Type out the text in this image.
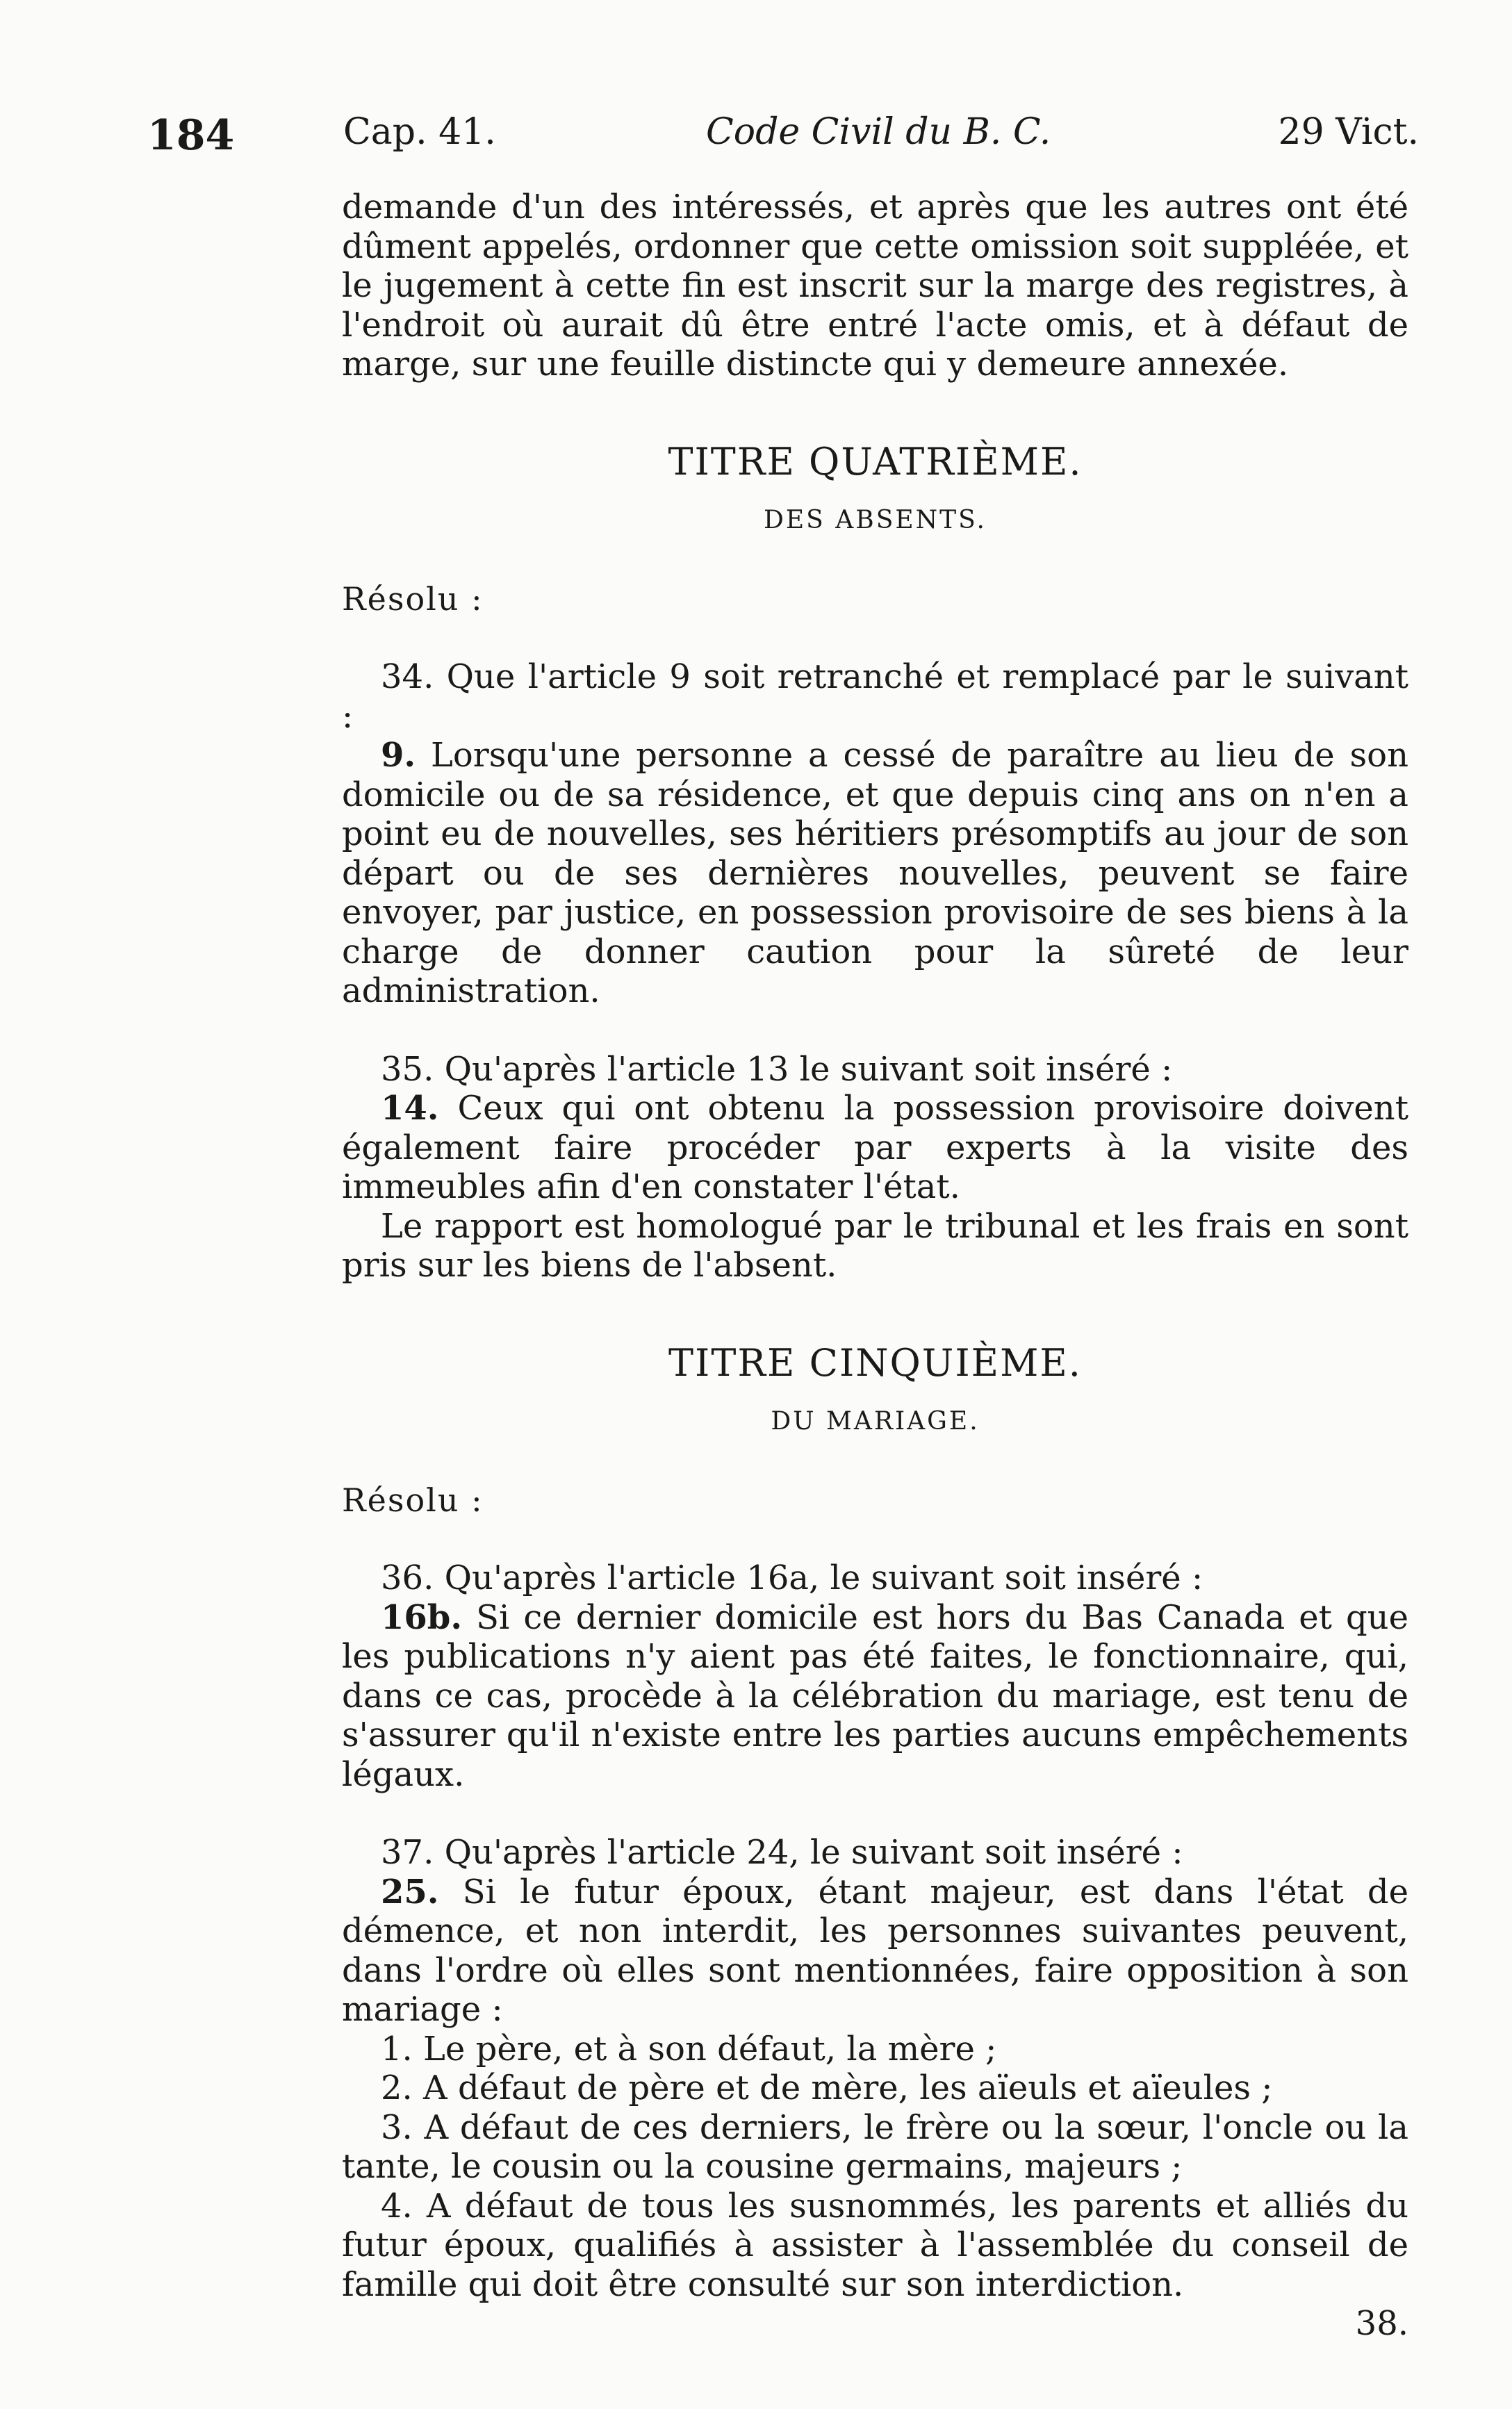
184	Cap. 41.	Code Civil du B. C.	29 Vict.

demande d'un des intéressés, et après que les autres ont été dûment appelés, ordonner que cette omission soit suppléée, et le jugement à cette fin est inscrit sur la marge des registres, à l'endroit où aurait dû être entré l'acte omis, et à défaut de marge, sur une feuille distincte qui y demeure annexée.

TITRE QUATRIÈME.

DES ABSENTS.

Résolu :

34. Que l'article 9 soit retranché et remplacé par le suivant :

9. Lorsqu'une personne a cessé de paraître au lieu de son domicile ou de sa résidence, et que depuis cinq ans on n'en a point eu de nouvelles, ses héritiers présomptifs au jour de son départ ou de ses dernières nouvelles, peuvent se faire envoyer, par justice, en possession provisoire de ses biens à la charge de donner caution pour la sûreté de leur administration.

35. Qu'après l'article 13 le suivant soit inséré :

14. Ceux qui ont obtenu la possession provisoire doivent également faire procéder par experts à la visite des immeubles afin d'en constater l'état.

Le rapport est homologué par le tribunal et les frais en sont pris sur les biens de l'absent.

TITRE CINQUIÈME.

DU MARIAGE.

Résolu :

36. Qu'après l'article 16a, le suivant soit inséré :

16b. Si ce dernier domicile est hors du Bas Canada et que les publications n'y aient pas été faites, le fonctionnaire, qui, dans ce cas, procède à la célébration du mariage, est tenu de s'assurer qu'il n'existe entre les parties aucuns empêchements légaux.

37. Qu'après l'article 24, le suivant soit inséré :

25. Si le futur époux, étant majeur, est dans l'état de démence, et non interdit, les personnes suivantes peuvent, dans l'ordre où elles sont mentionnées, faire opposition à son mariage :

1. Le père, et à son défaut, la mère ;

2. A défaut de père et de mère, les aïeuls et aïeules ;

3. A défaut de ces derniers, le frère ou la sœur, l'oncle ou la tante, le cousin ou la cousine germains, majeurs ;

4. A défaut de tous les susnommés, les parents et alliés du futur époux, qualifiés à assister à l'assemblée du conseil de famille qui doit être consulté sur son interdiction.

38.
